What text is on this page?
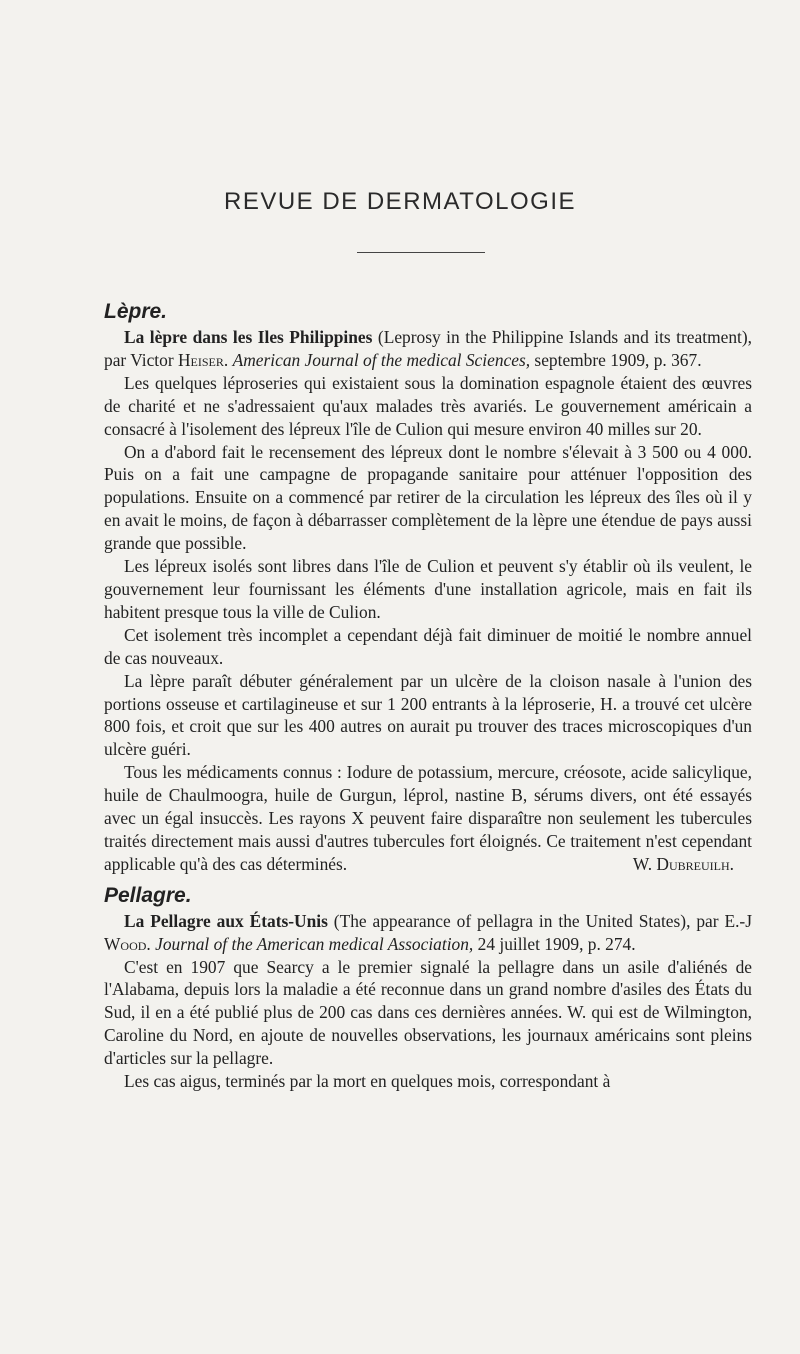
REVUE DE DERMATOLOGIE
Lèpre.

La lèpre dans les Iles Philippines (Leprosy in the Philippine Islands and its treatment), par Victor Heiser. American Journal of the medical Sciences, septembre 1909, p. 367.

Les quelques léproseries qui existaient sous la domination espagnole étaient des œuvres de charité et ne s'adressaient qu'aux malades très avariés. Le gouvernement américain a consacré à l'isolement des lépreux l'île de Culion qui mesure environ 40 milles sur 20.

On a d'abord fait le recensement des lépreux dont le nombre s'élevait à 3 500 ou 4 000. Puis on a fait une campagne de propagande sanitaire pour atténuer l'opposition des populations. Ensuite on a commencé par retirer de la circulation les lépreux des îles où il y en avait le moins, de façon à débarrasser complètement de la lèpre une étendue de pays aussi grande que possible.

Les lépreux isolés sont libres dans l'île de Culion et peuvent s'y établir où ils veulent, le gouvernement leur fournissant les éléments d'une installation agricole, mais en fait ils habitent presque tous la ville de Culion.

Cet isolement très incomplet a cependant déjà fait diminuer de moitié le nombre annuel de cas nouveaux.

La lèpre paraît débuter généralement par un ulcère de la cloison nasale à l'union des portions osseuse et cartilagineuse et sur 1 200 entrants à la léproserie, H. a trouvé cet ulcère 800 fois, et croit que sur les 400 autres on aurait pu trouver des traces microscopiques d'un ulcère guéri.

Tous les médicaments connus : Iodure de potassium, mercure, créosote, acide salicylique, huile de Chaulmoogra, huile de Gurgun, léprol, nastine B, sérums divers, ont été essayés avec un égal insuccès. Les rayons X peuvent faire disparaître non seulement les tubercules traités directement mais aussi d'autres tubercules fort éloignés. Ce traitement n'est cependant applicable qu'à des cas déterminés.	W. Dubreuilh.

Pellagre.

La Pellagre aux États-Unis (The appearance of pellagra in the United States), par E.-J Wood. Journal of the American medical Association, 24 juillet 1909, p. 274.

C'est en 1907 que Searcy a le premier signalé la pellagre dans un asile d'aliénés de l'Alabama, depuis lors la maladie a été reconnue dans un grand nombre d'asiles des États du Sud, il en a été publié plus de 200 cas dans ces dernières années. W. qui est de Wilmington, Caroline du Nord, en ajoute de nouvelles observations, les journaux américains sont pleins d'articles sur la pellagre.

Les cas aigus, terminés par la mort en quelques mois, correspondant à
